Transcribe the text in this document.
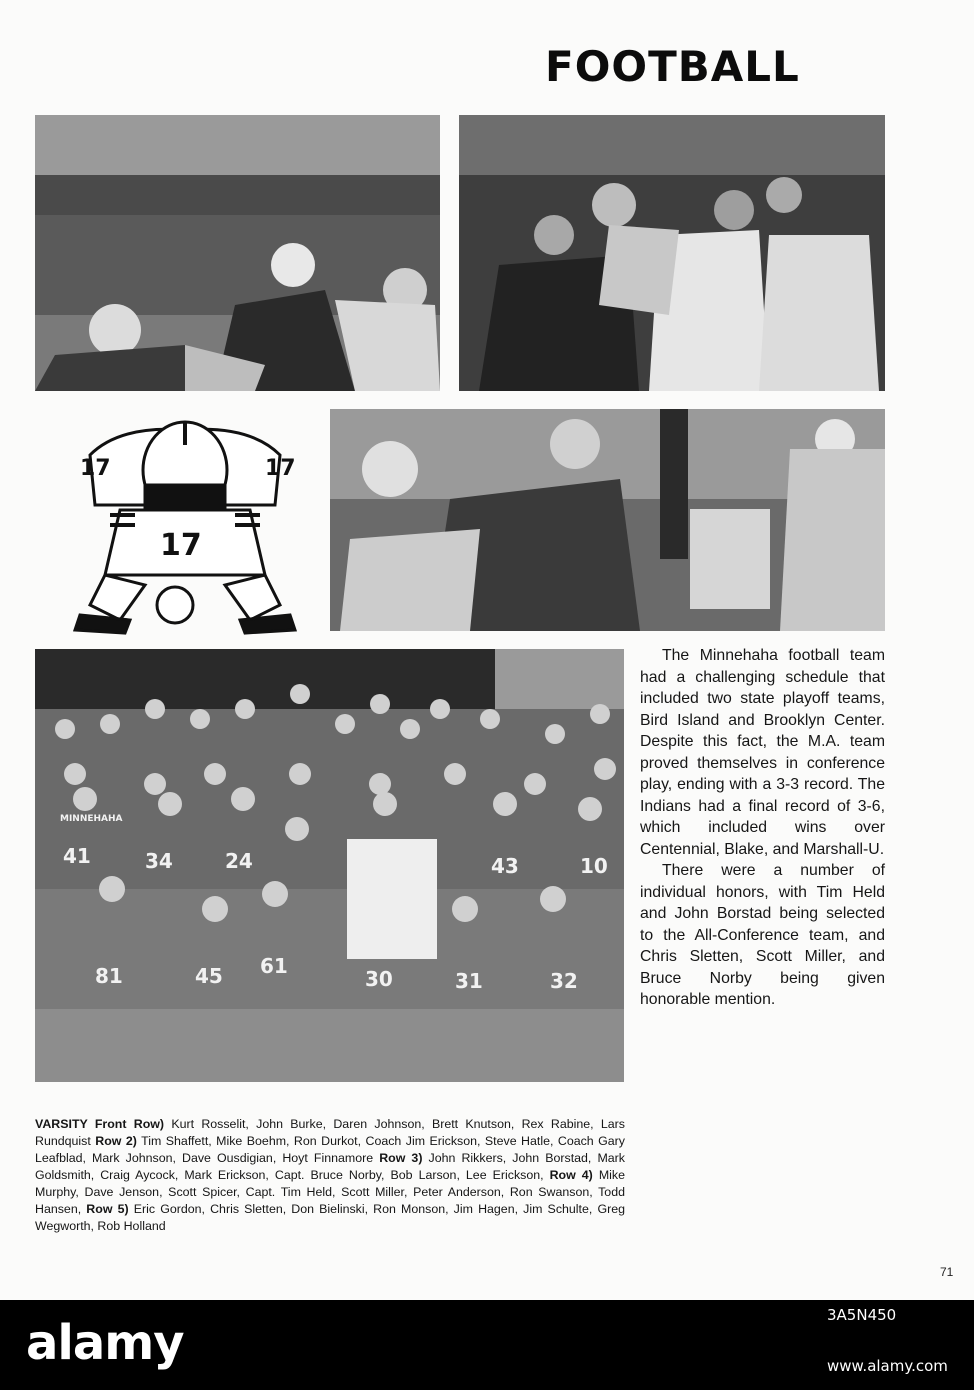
FOOTBALL
17	17
17
MINNEHAHA
41	34	24	43	10
81	45 61
30	31	32

The Minnehaha football team had a challenging schedule that included two state playoff teams, Bird Island and Brooklyn Center. Despite this fact, the M.A. team proved themselves in conference play, ending with a 3-3 record. The Indians had a final record of 3-6, which included wins over Centennial, Blake, and Marshall-U.

There were a number of individual honors, with Tim Held and John Borstad being selected to the All-Conference team, and Chris Sletten, Scott Miller, and Bruce Norby being given honorable mention.

VARSITY Front Row) Kurt Rosselit, John Burke, Daren Johnson, Brett Knutson, Rex Rabine, Lars Rundquist Row 2) Tim Shaffett, Mike Boehm, Ron Durkot, Coach Jim Erickson, Steve Hatle, Coach Gary Leafblad, Mark Johnson, Dave Ousdigian, Hoyt Finnamore Row 3) John Rikkers, John Borstad, Mark Goldsmith, Craig Aycock, Mark Erickson, Capt. Bruce Norby, Bob Larson, Lee Erickson, Row 4) Mike Murphy, Dave Jenson, Scott Spicer, Capt. Tim Held, Scott Miller, Peter Anderson, Ron Swanson, Todd Hansen, Row 5) Eric Gordon, Chris Sletten, Don Bielinski, Ron Monson, Jim Hagen, Jim Schulte, Greg Wegworth, Rob Holland
71
alamy	3A5N450
www.alamy.com
